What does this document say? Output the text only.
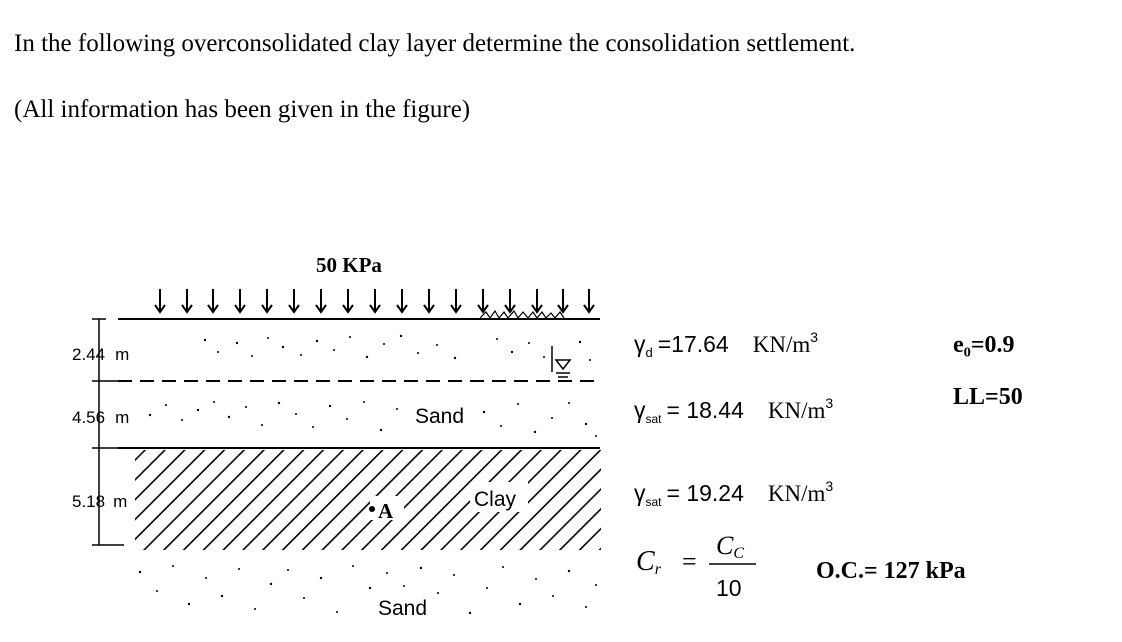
In the following overconsolidated clay layer determine the consolidation settlement.
(All information has been given in the figure)
50 KPa
2.44 m
4.56 m
5.18 m
Sand
Clay
Sand
A
$\gamma_d =17.64$ $KN/m^3$	e₀=0.9
$\gamma_{sat} = 18.44$ $KN/m^3$	LL=50
$\gamma_{sat} = 19.24$ $KN/m^3$
Cr =
CC
10
O.C.= 127 kPa
